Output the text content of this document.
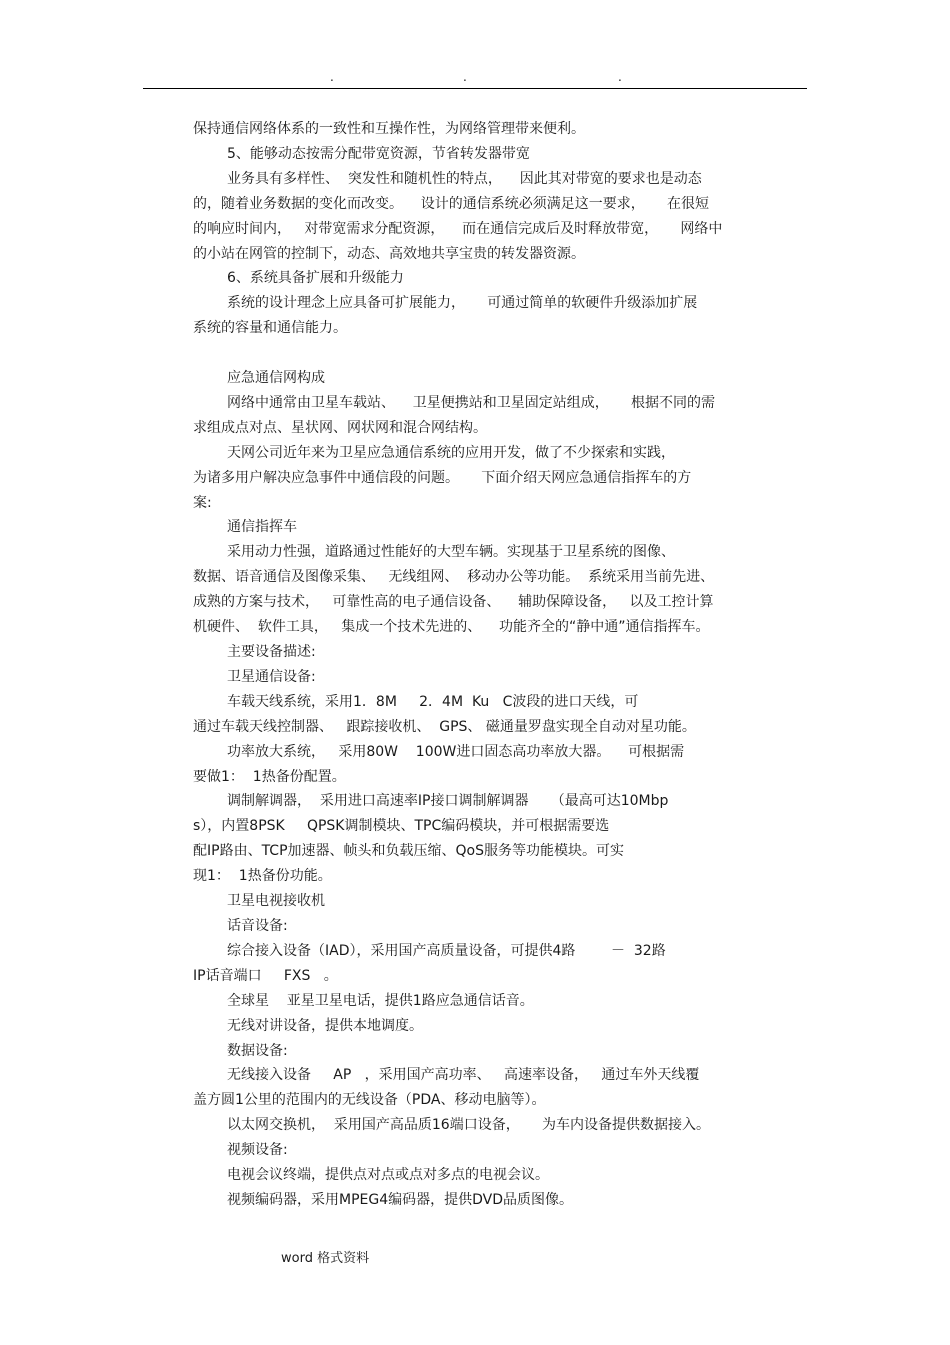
.	.	.

保持通信网络体系的一致性和互操作性，为网络管理带来便利。

5、能够动态按需分配带宽资源，节省转发器带宽

业务具有多样性、  突发性和随机性的特点，    因此其对带宽的要求也是动态

的，随着业务数据的变化而改变。    设计的通信系统必须满足这一要求，     在很短

的响应时间内，   对带宽需求分配资源，    而在通信完成后及时释放带宽，     网络中

的小站在网管的控制下，动态、高效地共享宝贵的转发器资源。

6、系统具备扩展和升级能力

系统的设计理念上应具备可扩展能力，     可通过简单的软硬件升级添加扩展

系统的容量和通信能力。

应急通信网构成

网络中通常由卫星车载站、    卫星便携站和卫星固定站组成，     根据不同的需

求组成点对点、星状网、网状网和混合网结构。

天网公司近年来为卫星应急通信系统的应用开发，做了不少探索和实践，

为诸多用户解决应急事件中通信段的问题。     下面介绍天网应急通信指挥车的方

案:

通信指挥车

采用动力性强，道路通过性能好的大型车辆。实现基于卫星系统的图像、

数据、语音通信及图像采集、   无线组网、  移动办公等功能。  系统采用当前先进、

成熟的方案与技术，   可靠性高的电子通信设备、    辅助保障设备，   以及工控计算

机硬件、  软件工具，   集成一个技术先进的、    功能齐全的“静中通”通信指挥车。

主要设备描述:

卫星通信设备:

车载天线系统，采用1．8M     2．4M  Ku   C波段的进口天线，可

通过车载天线控制器、   跟踪接收机、  GPS、 磁通量罗盘实现全自动对星功能。

功率放大系统，   采用80W    100W进口固态高功率放大器。    可根据需

要做1：  1热备份配置。

调制解调器，  采用进口高速率IP接口调制解调器     （最高可达10Mbp

s），内置8PSK     QPSK调制模块、TPC编码模块，并可根据需要选

配IP路由、TCP加速器、帧头和负载压缩、QoS服务等功能模块。可实

现1：  1热备份功能。

卫星电视接收机

话音设备:

综合接入设备（IAD），采用国产高质量设备，可提供4路        －  32路

IP话音端口     FXS   。

全球星    亚星卫星电话，提供1路应急通信话音。

无线对讲设备，提供本地调度。

数据设备:

无线接入设备     AP   ，采用国产高功率、   高速率设备，   通过车外天线覆

盖方圆1公里的范围内的无线设备（PDA、移动电脑等）。

以太网交换机，  采用国产高品质16端口设备，     为车内设备提供数据接入。

视频设备:

电视会议终端，提供点对点或点对多点的电视会议。

视频编码器，采用MPEG4编码器，提供DVD品质图像。

word 格式资料
